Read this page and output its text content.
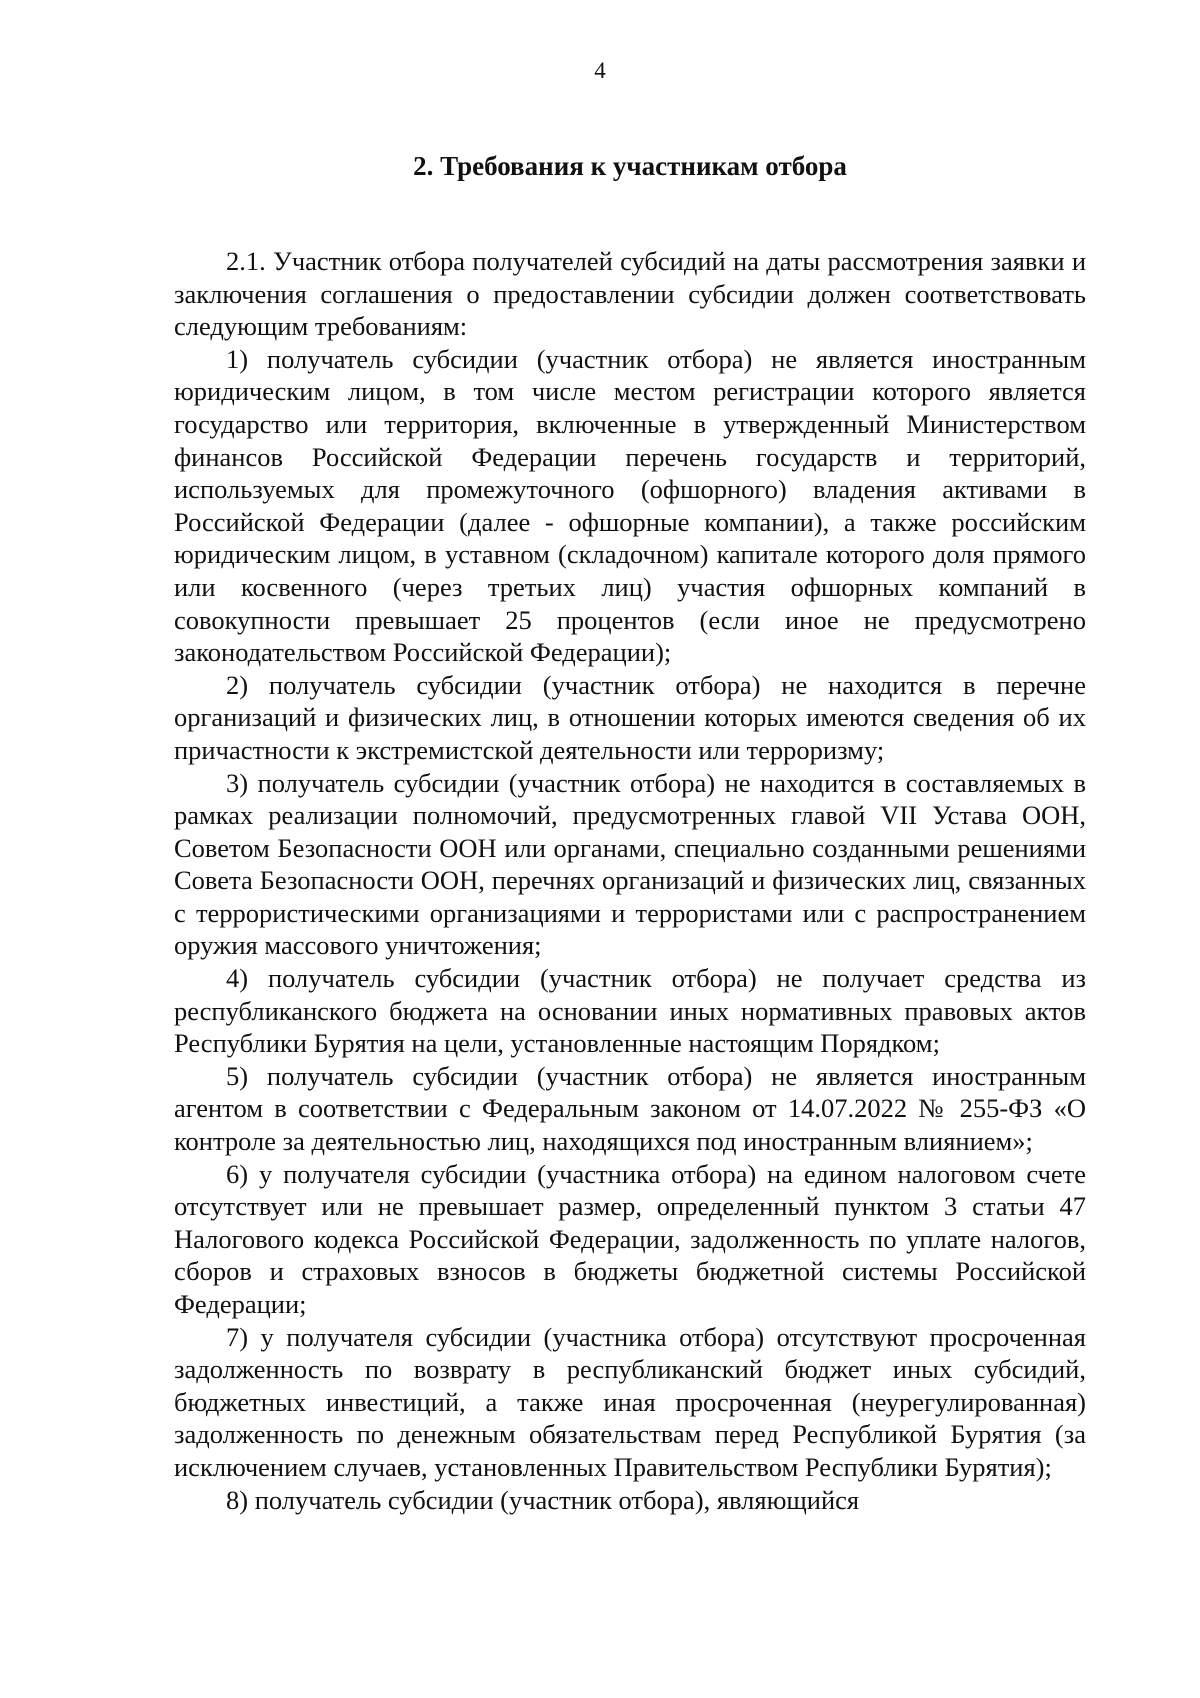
4
2. Требования к участникам отбора

2.1. Участник отбора получателей субсидий на даты рассмотрения заявки и заключения соглашения о предоставлении субсидии должен соответствовать следующим требованиям:

1) получатель субсидии (участник отбора) не является иностранным юридическим лицом, в том числе местом регистрации которого является государство или территория, включенные в утвержденный Министерством финансов Российской Федерации перечень государств и территорий, используемых для промежуточного (офшорного) владения активами в Российской Федерации (далее - офшорные компании), а также российским юридическим лицом, в уставном (складочном) капитале которого доля прямого или косвенного (через третьих лиц) участия офшорных компаний в совокупности превышает 25 процентов (если иное не предусмотрено законодательством Российской Федерации);

2) получатель субсидии (участник отбора) не находится в перечне организаций и физических лиц, в отношении которых имеются сведения об их причастности к экстремистской деятельности или терроризму;

3) получатель субсидии (участник отбора) не находится в составляемых в рамках реализации полномочий, предусмотренных главой VII Устава ООН, Советом Безопасности ООН или органами, специально созданными решениями Совета Безопасности ООН, перечнях организаций и физических лиц, связанных с террористическими организациями и террористами или с распространением оружия массового уничтожения;

4) получатель субсидии (участник отбора) не получает средства из республиканского бюджета на основании иных нормативных правовых актов Республики Бурятия на цели, установленные настоящим Порядком;

5) получатель субсидии (участник отбора) не является иностранным агентом в соответствии с Федеральным законом от 14.07.2022 № 255-ФЗ «О контроле за деятельностью лиц, находящихся под иностранным влиянием»;

6) у получателя субсидии (участника отбора) на едином налоговом счете отсутствует или не превышает размер, определенный пунктом 3 статьи 47 Налогового кодекса Российской Федерации, задолженность по уплате налогов, сборов и страховых взносов в бюджеты бюджетной системы Российской Федерации;

7) у получателя субсидии (участника отбора) отсутствуют просроченная задолженность по возврату в республиканский бюджет иных субсидий, бюджетных инвестиций, а также иная просроченная (неурегулированная) задолженность по денежным обязательствам перед Республикой Бурятия (за исключением случаев, установленных Правительством Республики Бурятия);

8) получатель субсидии (участник отбора), являющийся
